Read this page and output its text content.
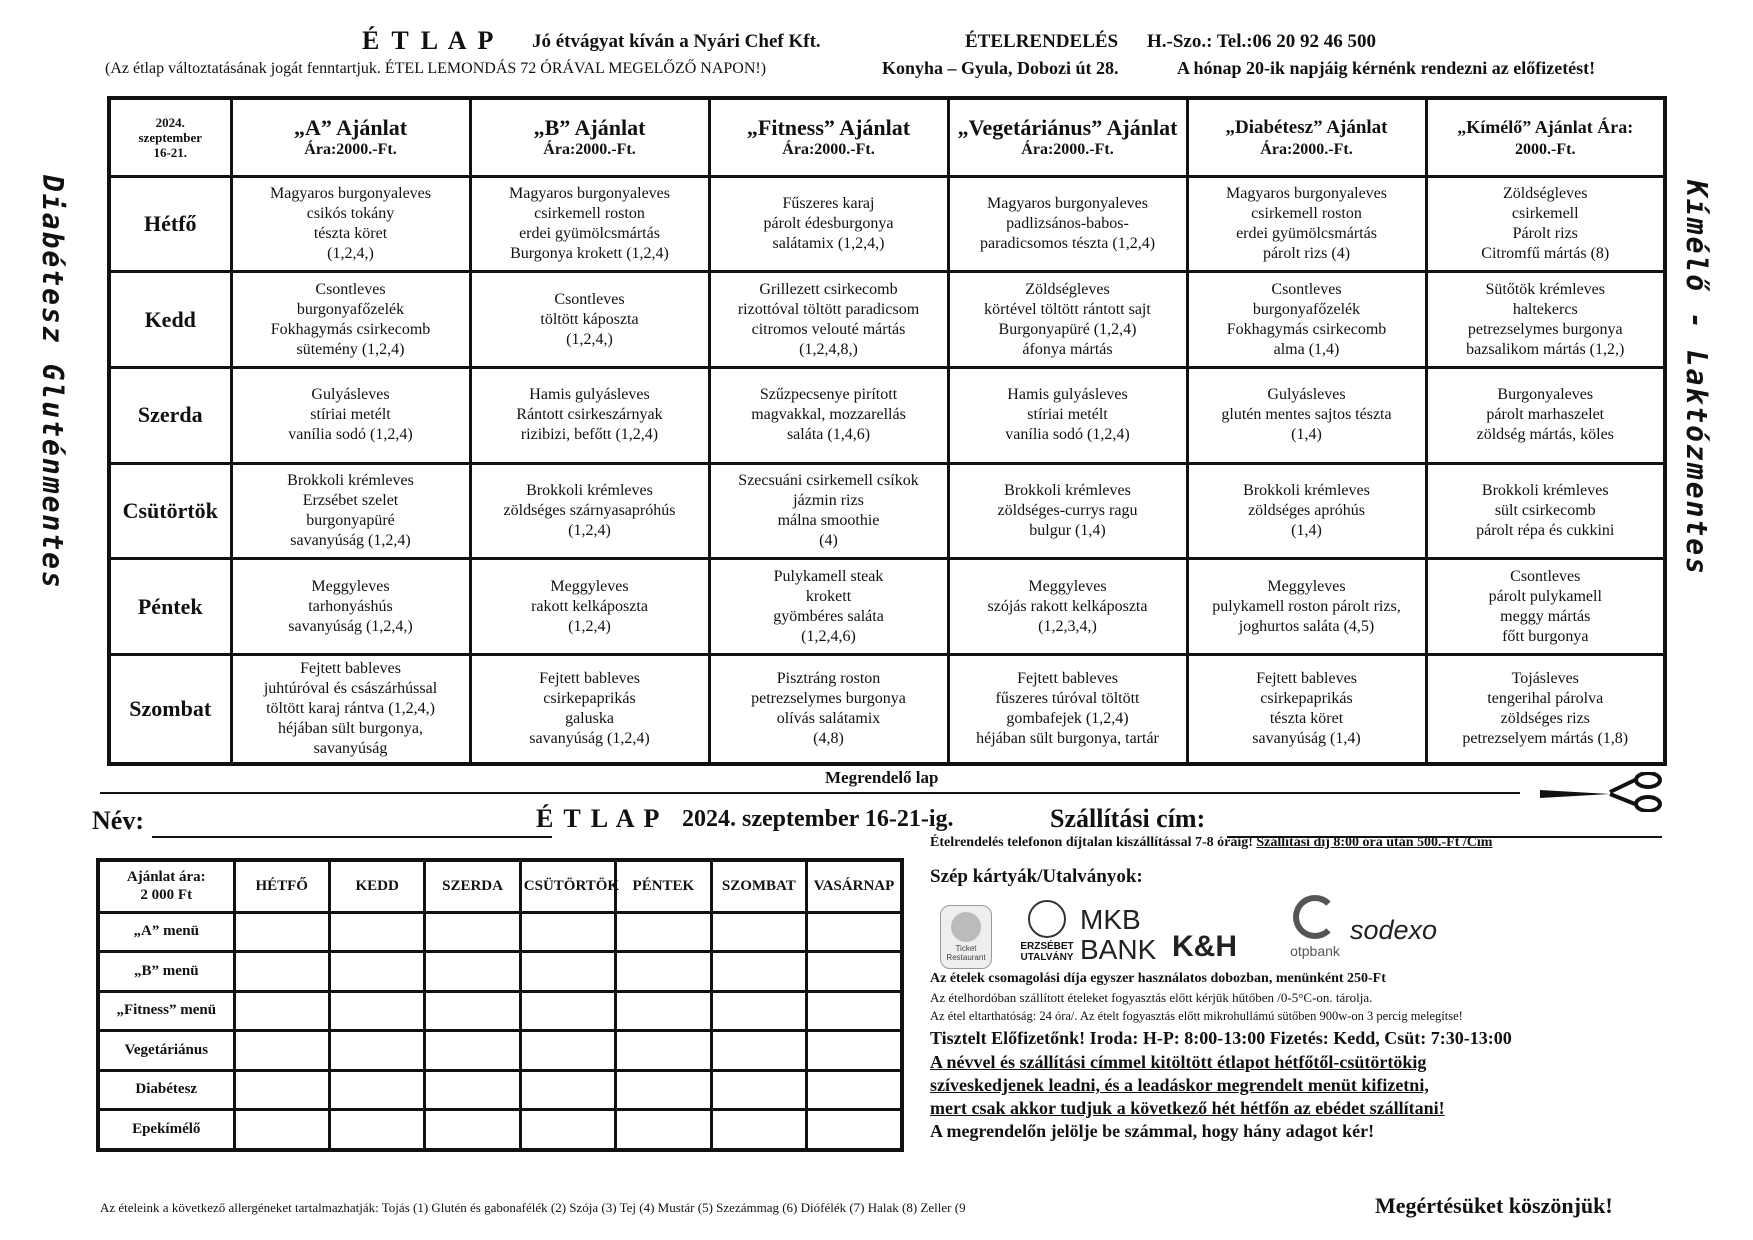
É T L A P Jó étvágyat kíván a Nyári Chef Kft.	ÉTELRENDELÉS H.-Szo.: Tel.:06 20 92 46 500
(Az étlap változtatásának jogát fenntartjuk. ÉTEL LEMONDÁS 72 ÓRÁVAL MEGELŐZŐ NAPON!)	Konyha – Gyula, Dobozi út 28.	A hónap 20-ik napjáig kérnénk rendezni az előfizetést!
Diabétesz Gluténmentes	Kímélő - Laktózmentes
2024.
szeptember
16-21.	„A” Ajánlat
Ára:2000.-Ft.	„B” Ajánlat
Ára:2000.-Ft.	„Fitness” Ajánlat
Ára:2000.-Ft.	„Vegetáriánus” Ajánlat
Ára:2000.-Ft.	„Diabétesz” Ajánlat
Ára:2000.-Ft.	„Kímélő” Ajánlat Ára:
2000.-Ft.

Hétfő	Magyaros burgonyaleves
csikós tokány
tészta köret
(1,2,4,)	Magyaros burgonyaleves
csirkemell roston
erdei gyümölcsmártás
Burgonya krokett (1,2,4)	Fűszeres karaj
párolt édesburgonya
salátamix (1,2,4,)	Magyaros burgonyaleves
padlizsános-babos-
paradicsomos tészta (1,2,4)	Magyaros burgonyaleves
csirkemell roston
erdei gyümölcsmártás
párolt rizs (4)	Zöldségleves
csirkemell
Párolt rizs
Citromfű mártás (8)

Kedd	Csontleves
burgonyafőzelék
Fokhagymás csirkecomb
sütemény (1,2,4)	Csontleves
töltött káposzta
(1,2,4,)	Grillezett csirkecomb
rizottóval töltött paradicsom
citromos velouté mártás
(1,2,4,8,)	Zöldségleves
körtével töltött rántott sajt
Burgonyapüré (1,2,4)
áfonya mártás	Csontleves
burgonyafőzelék
Fokhagymás csirkecomb
alma (1,4)	Sütőtök krémleves
haltekercs
petrezselymes burgonya
bazsalikom mártás (1,2,)

Szerda	Gulyásleves
stíriai metélt
vanília sodó (1,2,4)	Hamis gulyásleves
Rántott csirkeszárnyak
rizibizi, befőtt (1,2,4)	Szűzpecsenye pirított
magvakkal, mozzarellás
saláta (1,4,6)	Hamis gulyásleves
stíriai metélt
vanília sodó (1,2,4)	Gulyásleves
glutén mentes sajtos tészta
(1,4)	Burgonyaleves
párolt marhaszelet
zöldség mártás, köles

Csütörtök	Brokkoli krémleves
Erzsébet szelet
burgonyapüré
savanyúság (1,2,4)	Brokkoli krémleves
zöldséges szárnyasapróhús
(1,2,4)	Szecsuáni csirkemell csíkok
jázmin rizs
málna smoothie
(4)	Brokkoli krémleves
zöldséges-currys ragu
bulgur (1,4)	Brokkoli krémleves
zöldséges apróhús
(1,4)	Brokkoli krémleves
sült csirkecomb
párolt répa és cukkini

Péntek	Meggyleves
tarhonyáshús
savanyúság (1,2,4,)	Meggyleves
rakott kelkáposzta
(1,2,4)	Pulykamell steak
krokett
gyömbéres saláta
(1,2,4,6)	Meggyleves
szójás rakott kelkáposzta
(1,2,3,4,)	Meggyleves
pulykamell roston párolt rizs,
joghurtos saláta (4,5)	Csontleves
párolt pulykamell
meggy mártás
főtt burgonya

Szombat	Fejtett bableves
juhtúróval és császárhússal
töltött karaj rántva (1,2,4,)
héjában sült burgonya,
savanyúság	Fejtett bableves
csirkepaprikás
galuska
savanyúság (1,2,4)	Pisztráng roston
petrezselymes burgonya
olívás salátamix
(4,8)	Fejtett bableves
fűszeres túróval töltött
gombafejek (1,2,4)
héjában sült burgonya, tartár	Fejtett bableves
csirkepaprikás
tészta köret
savanyúság (1,4)	Tojásleves
tengerihal párolva
zöldséges rizs
petrezselyem mártás (1,8)
Megrendelő lap
Név:	É T L A P 2024. szeptember 16-21-ig.	Szállítási cím:
Ajánlat ára:
2 000 Ft	HÉTFŐ	KEDD	SZERDA	CSÜTÖRTÖK	PÉNTEK	SZOMBAT	VASÁRNAP
„A” menü							
„B” menü							
„Fitness” menü							
Vegetáriánus							
Diabétesz							
Epekímélő							
Ételrendelés telefonon díjtalan kiszállítással 7-8 óráig! Szállítási díj 8:00 óra után 500.-Ft /Cím
Szép kártyák/Utalványok:
Ticket Restaurant
ERZSÉBET UTALVÁNY
MKB BANK K&H	otpbank
sodexo
Az ételek csomagolási díja egyszer használatos dobozban, menünként 250-Ft
Az ételhordóban szállított ételeket fogyasztás előtt kérjük hűtőben /0-5°C-on. tárolja.
Az étel eltarthatóság: 24 óra/. Az ételt fogyasztás előtt mikrohullámú sütőben 900w-on 3 percig melegítse!
Tisztelt Előfizetőnk! Iroda: H-P: 8:00-13:00 Fizetés: Kedd, Csüt: 7:30-13:00
A névvel és szállítási címmel kitöltött étlapot hétfőtől-csütörtökig
szíveskedjenek leadni, és a leadáskor megrendelt menüt kifizetni,
mert csak akkor tudjuk a következő hét hétfőn az ebédet szállítani!
A megrendelőn jelölje be számmal, hogy hány adagot kér!
Az ételeink a következő allergéneket tartalmazhatják: Tojás (1) Glutén és gabonafélék (2) Szója (3) Tej (4) Mustár (5) Szezámmag (6) Diófélék (7) Halak (8) Zeller (9	Megértésüket köszönjük!
